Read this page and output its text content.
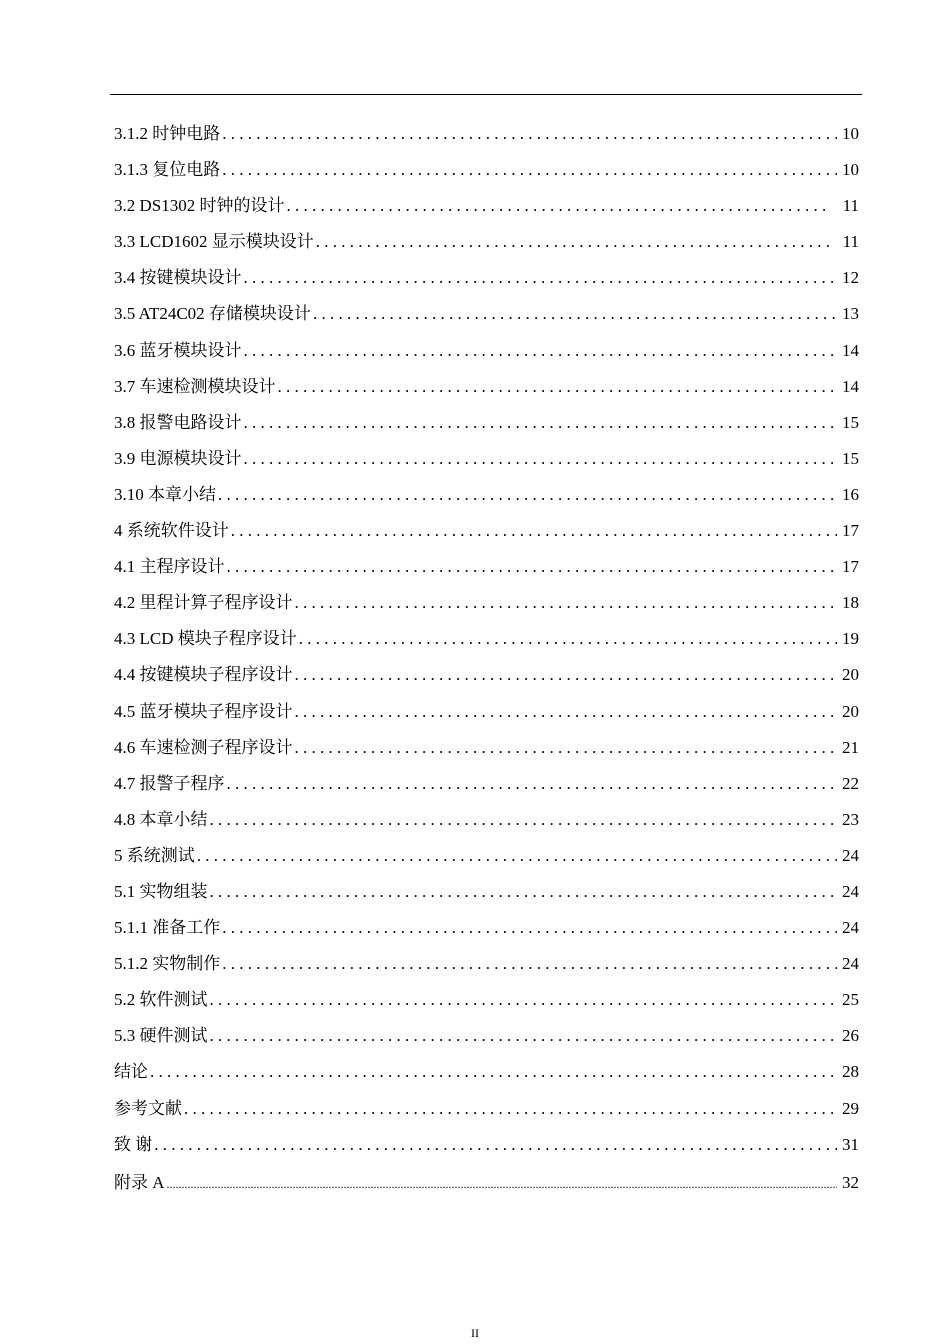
3.1.2 时钟电路 . . .	10
3.1.3 复位电路 . . .	10
3.2 DS1302 时钟的设计 . . .	11
3.3 LCD1602 显示模块设计 . . .	11
3.4 按键模块设计 . . .	12
3.5 AT24C02 存储模块设计 . . .	13
3.6 蓝牙模块设计 . . .	14
3.7 车速检测模块设计 . . .	14
3.8 报警电路设计 . . .	15
3.9 电源模块设计 . . .	15
3.10 本章小结 . . .	16
4 系统软件设计 . . .	17
4.1 主程序设计 . . .	17
4.2 里程计算子程序设计 . . .	18
4.3 LCD 模块子程序设计 . . .	19
4.4 按键模块子程序设计 . . .	20
4.5 蓝牙模块子程序设计 . . .	20
4.6 车速检测子程序设计 . . .	21
4.7 报警子程序 . . .	22
4.8 本章小结 . . .	23
5 系统测试 . . .	24
5.1 实物组装 . . .	24
5.1.1 准备工作 . . .	24
5.1.2 实物制作 . . .	24
5.2 软件测试 . . .	25
5.3 硬件测试 . . .	26
结论 . . .	28
参考文献 . . .	29
致 谢 . . .	31
附录 A .....	32
II
